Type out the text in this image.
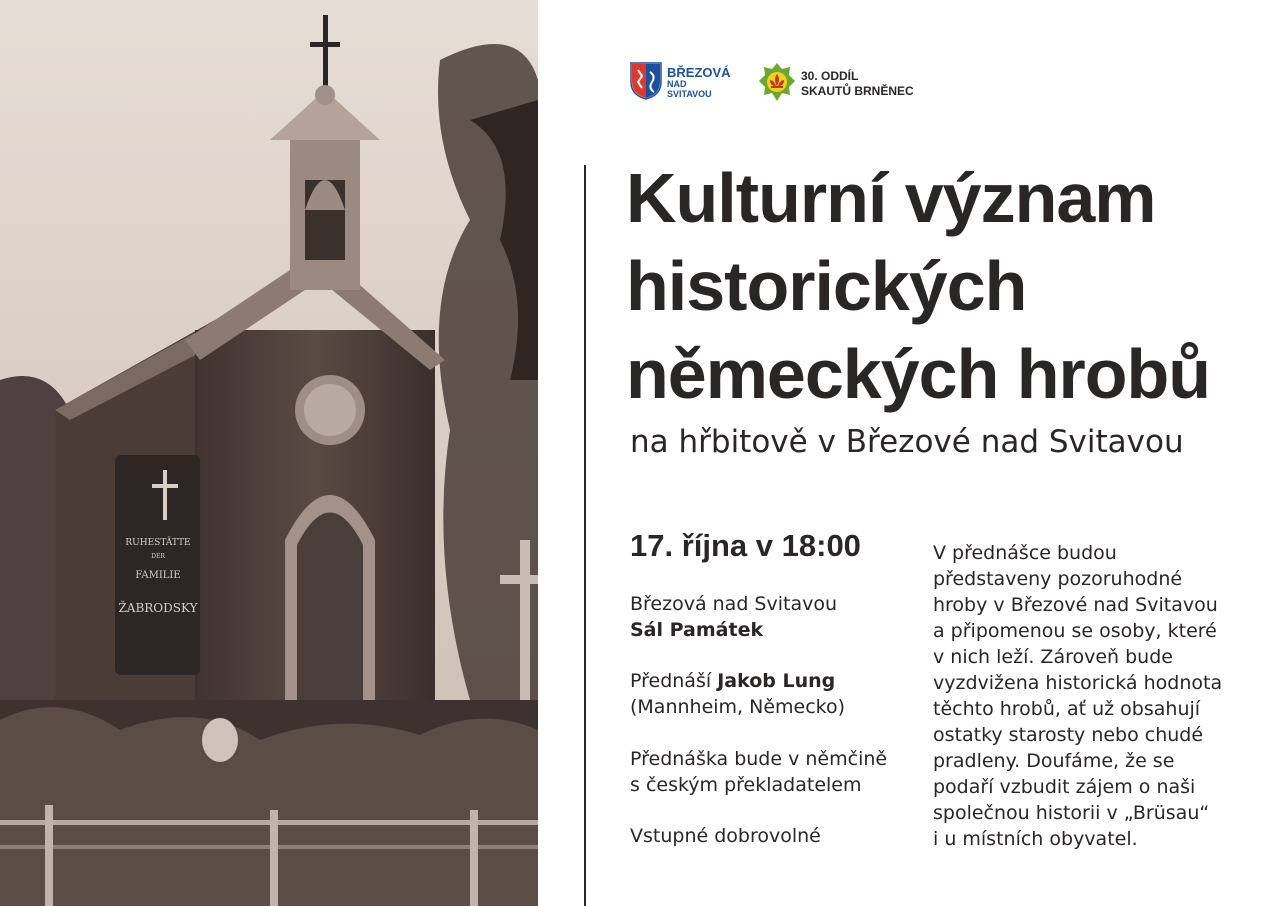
RUHESTÄTTE
DER
FAMILIE
ŽABRODSKY
BŘEZOVÁ
NAD
SVITAVOU
30. ODDÍL
SKAUTŮ BRNĚNEC
Kulturní význam
historických
německých hrobů
na hřbitově v Březové nad Svitavou
17. října v 18:00
Březová nad Svitavou
Sál Památek
Přednáší Jakob Lung
(Mannheim, Německo)
Přednáška bude v němčině
s českým překladatelem
Vstupné dobrovolné
V přednášce budou
představeny pozoruhodné
hroby v Březové nad Svitavou
a připomenou se osoby, které
v nich leží. Zároveň bude
vyzdvižena historická hodnota
těchto hrobů, ať už obsahují
ostatky starosty nebo chudé
pradleny. Doufáme, že se
podaří vzbudit zájem o naši
společnou historii v „Brüsau“
i u místních obyvatel.
